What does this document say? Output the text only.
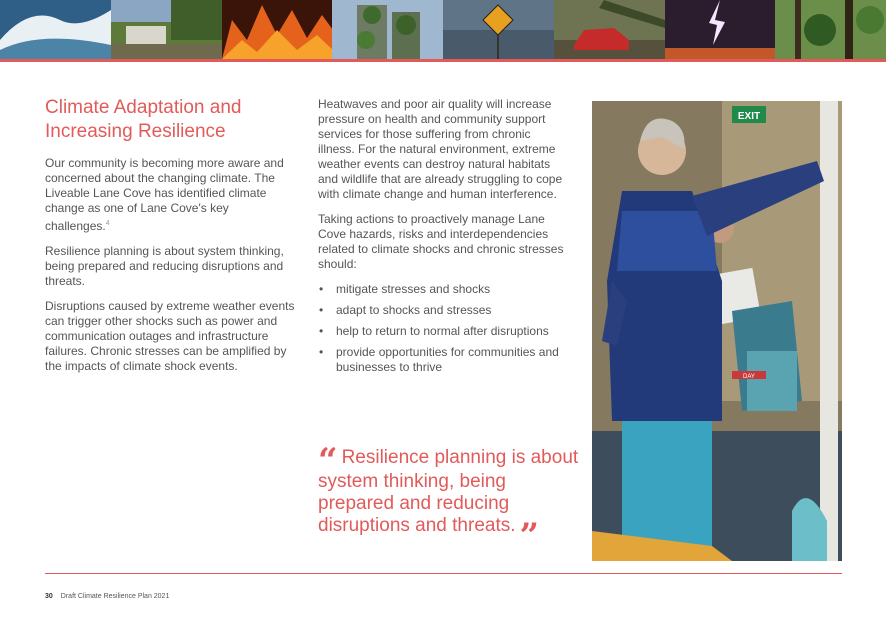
Climate Adaptation and Increasing Resilience

Our community is becoming more aware and concerned about the changing climate. The Liveable Lane Cove has identified climate change as one of Lane Cove's key challenges.$^4$

Resilience planning is about system thinking, being prepared and reducing disruptions and threats.

Disruptions caused by extreme weather events can trigger other shocks such as power and communication outages and infrastructure failures. Chronic stresses can be amplified by the impacts of climate shock events.

Heatwaves and poor air quality will increase pressure on health and community support services for those suffering from chronic illness. For the natural environment, extreme weather events can destroy natural habitats and wildlife that are already struggling to cope with climate change and human interference.

Taking actions to proactively manage Lane Cove hazards, risks and interdependencies related to climate shocks and chronic stresses should:

• mitigate stresses and shocks
• adapt to shocks and stresses
• help to return to normal after disruptions
• provide opportunities for communities and businesses to thrive
“ Resilience planning is about system thinking, being prepared and reducing disruptions and threats. ”
EXIT
DAY
30 Draft Climate Resilience Plan 2021
